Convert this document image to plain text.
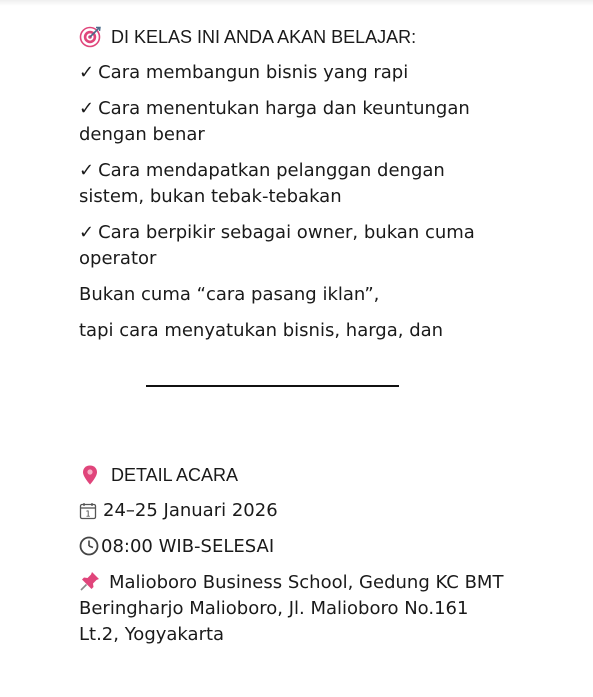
DI KELAS INI ANDA AKAN BELAJAR:

✓ Cara membangun bisnis yang rapi

✓ Cara menentukan harga dan keuntungan dengan benar

✓ Cara mendapatkan pelanggan dengan sistem, bukan tebak-tebakan

✓ Cara berpikir sebagai owner, bukan cuma operator

Bukan cuma “cara pasang iklan”,

tapi cara menyatukan bisnis, harga, dan

DETAIL ACARA

1 24–25 Januari 2026

08:00 WIB-SELESAI

Malioboro Business School, Gedung KC BMT Beringharjo Malioboro, Jl. Malioboro No.161 Lt.2, Yogyakarta
